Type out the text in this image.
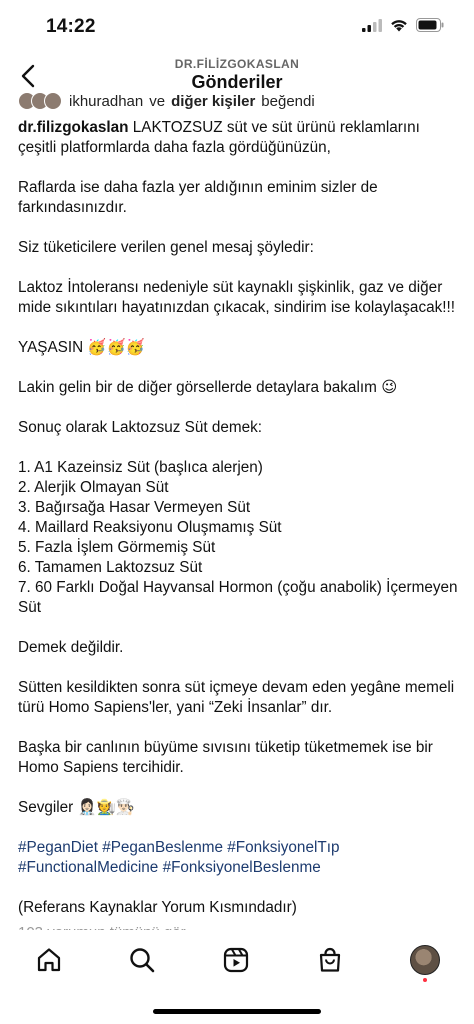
14:22
DR.FİLİZGOKASLAN
Gönderiler
ikhuradhan ve diğer kişiler beğendi

dr.filizgokaslan LAKTOZSUZ süt ve süt ürünü reklamlarını çeşitli platformlarda daha fazla gördüğünüzün,

Raflarda ise daha fazla yer aldığının eminim sizler de farkındasınızdır.

Siz tüketicilere verilen genel mesaj şöyledir:

Laktoz İntoleransı nedeniyle süt kaynaklı şişkinlik, gaz ve diğer mide sıkıntıları hayatınızdan çıkacak, sindirim ise kolaylaşacak!!!

YAŞASIN 🥳🥳🥳

Lakin gelin bir de diğer görsellerde detaylara bakalım 😉

Sonuç olarak Laktozsuz Süt demek:

1. A1 Kazeinsiz Süt (başlıca alerjen)
2. Alerjik Olmayan Süt
3. Bağırsağa Hasar Vermeyen Süt
4. Maillard Reaksiyonu Oluşmamış Süt
5. Fazla İşlem Görmemiş Süt
6. Tamamen Laktozsuz Süt
7. 60 Farklı Doğal Hayvansal Hormon (çoğu anabolik) İçermeyen Süt

Demek değildir.

Sütten kesildikten sonra süt içmeye devam eden yegâne memeli türü Homo Sapiens'ler, yani “Zeki İnsanlar” dır.

Başka bir canlının büyüme sıvısını tüketip tüketmemek ise bir Homo Sapiens tercihidir.

Sevgiler 👩🏻‍⚕️🧑‍🌾👨🏻‍🍳

#PeganDiet #PeganBeslenme #FonksiyonelTıp
#FunctionalMedicine #FonksiyonelBeslenme

(Referans Kaynaklar Yorum Kısmındadır)
